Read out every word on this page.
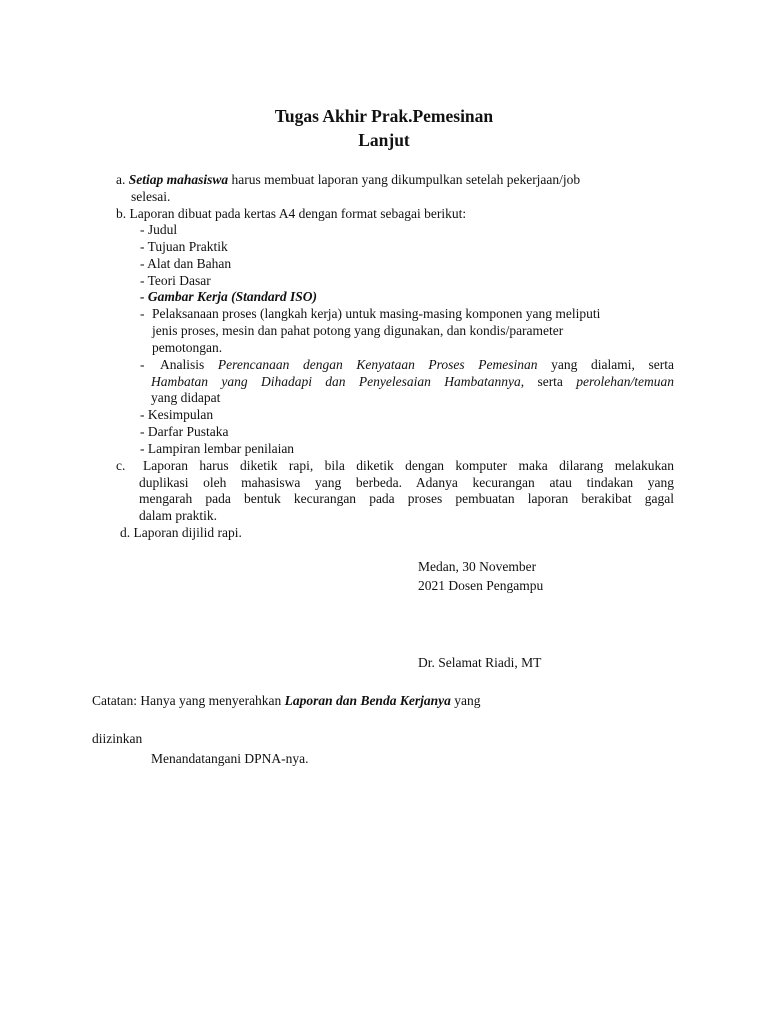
Tugas Akhir Prak.Pemesinan
Lanjut
a. Setiap mahasiswa harus membuat laporan yang dikumpulkan setelah pekerjaan/job
selesai.
b. Laporan dibuat pada kertas A4 dengan format sebagai berikut:
- Judul
- Tujuan Praktik
- Alat dan Bahan
- Teori Dasar
- Gambar Kerja (Standard ISO)
- Pelaksanaan proses (langkah kerja) untuk masing-masing komponen yang meliputi
jenis proses, mesin dan pahat potong yang digunakan, dan kondis/parameter
pemotongan.
- Analisis Perencanaan dengan Kenyataan Proses Pemesinan yang dialami, serta
Hambatan yang Dihadapi dan Penyelesaian Hambatannya, serta perolehan/temuan
yang didapat
- Kesimpulan
- Darfar Pustaka
- Lampiran lembar penilaian
c. Laporan harus diketik rapi, bila diketik dengan komputer maka dilarang melakukan
duplikasi oleh mahasiswa yang berbeda. Adanya kecurangan atau tindakan yang
mengarah pada bentuk kecurangan pada proses pembuatan laporan berakibat gagal
dalam praktik.
d. Laporan dijilid rapi.
Medan, 30 November
2021 Dosen Pengampu
Dr. Selamat Riadi, MT
Catatan: Hanya yang menyerahkan Laporan dan Benda Kerjanya yang
diizinkan
Menandatangani DPNA-nya.
